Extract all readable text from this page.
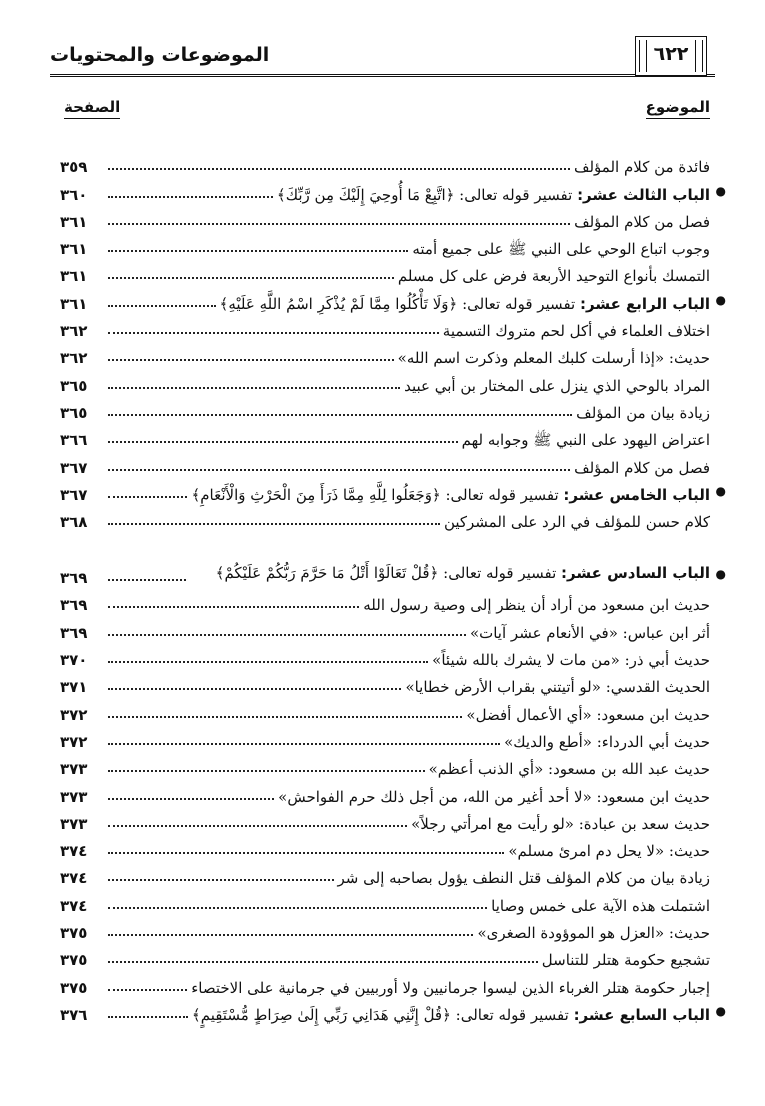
الموضوعات والمحتويات	٦٢٢
الموضوع
الصفحة
فائدة من كلام المؤلف
٣٥٩
●
الباب الثالث عشر: تفسير قوله تعالى: ﴿اتَّبِعْ مَا أُوحِيَ إِلَيْكَ مِن رَّبِّكَ﴾
٣٦٠
فصل من كلام المؤلف
٣٦١
وجوب اتباع الوحي على النبي ﷺ على جميع أمته
٣٦١
التمسك بأنواع التوحيد الأربعة فرض على كل مسلم
٣٦١
●
الباب الرابع عشر: تفسير قوله تعالى: ﴿وَلَا تَأْكُلُوا مِمَّا لَمْ يُذْكَرِ اسْمُ اللَّهِ عَلَيْهِ﴾
٣٦١
اختلاف العلماء في أكل لحم متروك التسمية
٣٦٢
حديث: «إذا أرسلت كلبك المعلم وذكرت اسم الله»
٣٦٢
المراد بالوحي الذي ينزل على المختار بن أبي عبيد
٣٦٥
زيادة بيان من المؤلف
٣٦٥
اعتراض اليهود على النبي ﷺ وجوابه لهم
٣٦٦
فصل من كلام المؤلف
٣٦٧
●
الباب الخامس عشر: تفسير قوله تعالى: ﴿وَجَعَلُوا لِلَّهِ مِمَّا ذَرَأَ مِنَ الْحَرْثِ وَالْأَنْعَامِ﴾
٣٦٧
كلام حسن للمؤلف في الرد على المشركين
٣٦٨
●
الباب السادس عشر: تفسير قوله تعالى: ﴿قُلْ تَعَالَوْا أَتْلُ مَا حَرَّمَ رَبُّكُمْ عَلَيْكُمْ﴾
٣٦٩
حديث ابن مسعود من أراد أن ينظر إلى وصية رسول الله
٣٦٩
أثر ابن عباس: «في الأنعام عشر آيات»
٣٦٩
حديث أبي ذر: «من مات لا يشرك بالله شيئاً»
٣٧٠
الحديث القدسي: «لو أتيتني بقراب الأرض خطايا»
٣٧١
حديث ابن مسعود: «أي الأعمال أفضل»
٣٧٢
حديث أبي الدرداء: «أطع والديك»
٣٧٢
حديث عبد الله بن مسعود: «أي الذنب أعظم»
٣٧٣
حديث ابن مسعود: «لا أحد أغير من الله، من أجل ذلك حرم الفواحش»
٣٧٣
حديث سعد بن عبادة: «لو رأيت مع امرأتي رجلاً»
٣٧٣
حديث: «لا يحل دم امرئ مسلم»
٣٧٤
زيادة بيان من كلام المؤلف قتل النطف يؤول بصاحبه إلى شر
٣٧٤
اشتملت هذه الآية على خمس وصايا
٣٧٤
حديث: «العزل هو الموؤودة الصغرى»
٣٧٥
تشجيع حكومة هتلر للتناسل
٣٧٥
إجبار حكومة هتلر الغرباء الذين ليسوا جرمانيين ولا أوربيين في جرمانية على الاختصاء
٣٧٥
●
الباب السابع عشر: تفسير قوله تعالى: ﴿قُلْ إِنَّنِي هَدَانِي رَبِّي إِلَىٰ صِرَاطٍ مُّسْتَقِيمٍ﴾
٣٧٦
